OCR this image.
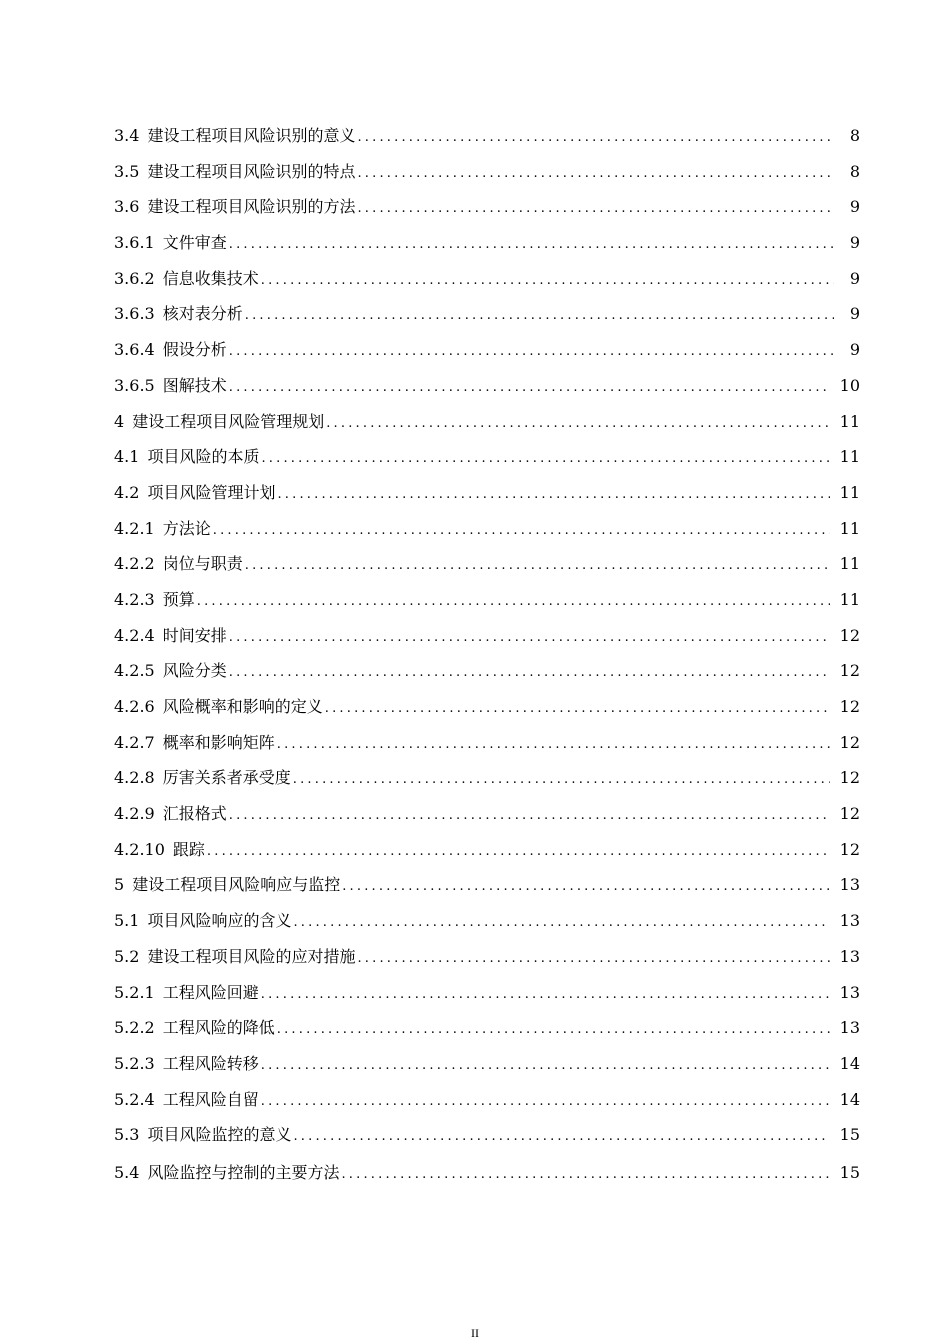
3.4 建设工程项目风险识别的意义 .....	8
3.5 建设工程项目风险识别的特点 .....	8
3.6 建设工程项目风险识别的方法 .....	9
3.6.1 文件审查 .....	9
3.6.2 信息收集技术 .....	9
3.6.3 核对表分析 .....	9
3.6.4 假设分析 .....	9
3.6.5 图解技术 .....	10
4 建设工程项目风险管理规划 .....	11
4.1 项目风险的本质 .....	11
4.2 项目风险管理计划 .....	11
4.2.1 方法论 .....	11
4.2.2 岗位与职责 .....	11
4.2.3 预算 .....	11
4.2.4 时间安排 .....	12
4.2.5 风险分类 .....	12
4.2.6 风险概率和影响的定义 .....	12
4.2.7 概率和影响矩阵 .....	12
4.2.8 厉害关系者承受度 .....	12
4.2.9 汇报格式 .....	12
4.2.10 跟踪 .....	12
5 建设工程项目风险响应与监控 .....	13
5.1 项目风险响应的含义 .....	13
5.2 建设工程项目风险的应对措施 .....	13
5.2.1 工程风险回避 .....	13
5.2.2 工程风险的降低 .....	13
5.2.3 工程风险转移 .....	14
5.2.4 工程风险自留 .....	14
5.3 项目风险监控的意义 .....	15
5.4 风险监控与控制的主要方法 .....	15
II
